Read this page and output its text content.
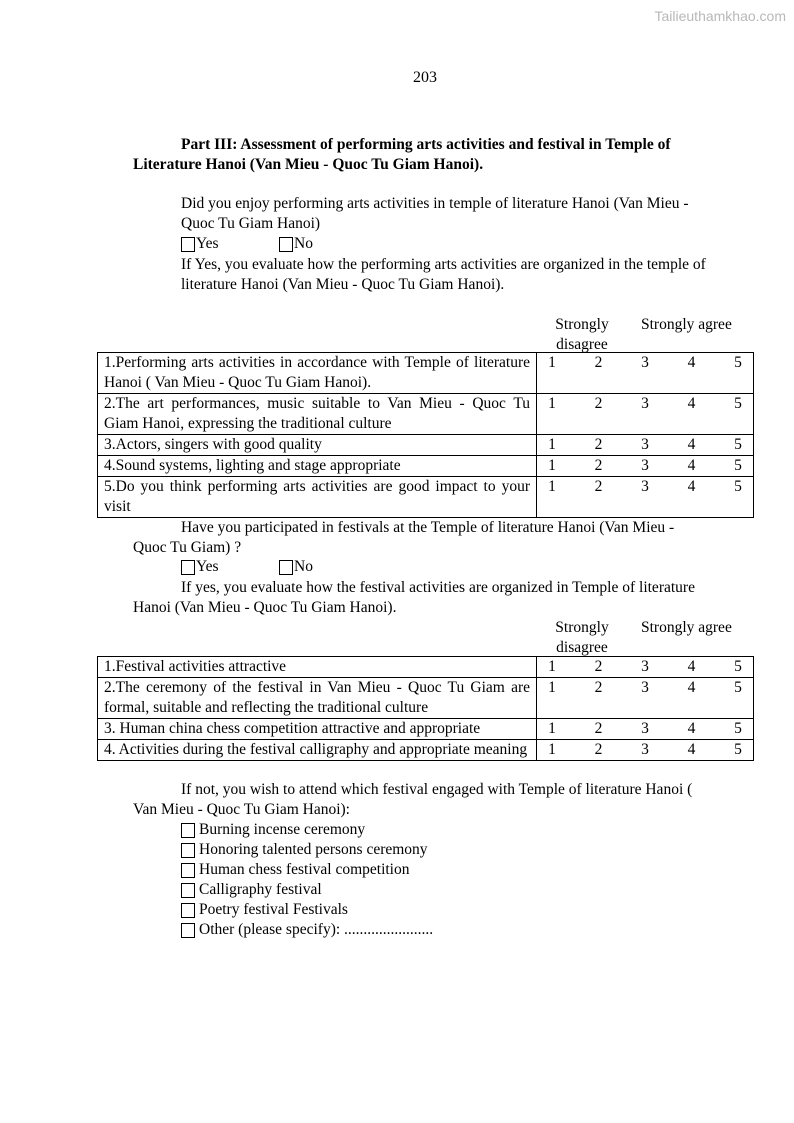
Tailieuthamkhao.com
203
Part III: Assessment of performing arts activities and festival in Temple of
Literature Hanoi (Van Mieu - Quoc Tu Giam Hanoi).
Did you enjoy performing arts activities in temple of literature Hanoi (Van Mieu -
Quoc Tu Giam Hanoi)
Yes	No
If Yes, you evaluate how the performing arts activities are organized in the temple of
literature Hanoi (Van Mieu - Quoc Tu Giam Hanoi).
Strongly disagree
Strongly agree
1.Performing arts activities in accordance with Temple of literature Hanoi ( Van Mieu - Quoc Tu Giam Hanoi).	1 2 3 4 5

2.The art performances, music suitable to Van Mieu - Quoc Tu Giam Hanoi, expressing the traditional culture	1 2 3 4 5

3.Actors, singers with good quality	1 2 3 4 5

4.Sound systems, lighting and stage appropriate	1 2 3 4 5

5.Do you think performing arts activities are good impact to your visit	1 2 3 4 5
Have you participated in festivals at the Temple of literature Hanoi (Van Mieu -
Quoc Tu Giam) ?
Yes	No
If yes, you evaluate how the festival activities are organized in Temple of literature
Hanoi (Van Mieu - Quoc Tu Giam Hanoi).
Strongly disagree
Strongly agree
1.Festival activities attractive	1 2 3 4 5

2.The ceremony of the festival in Van Mieu - Quoc Tu Giam are formal, suitable and reflecting the traditional culture	1 2 3 4 5

3. Human china chess competition attractive and appropriate	1 2 3 4 5

4. Activities during the festival calligraphy and appropriate meaning	1 2 3 4 5
If not, you wish to attend which festival engaged with Temple of literature Hanoi (
Van Mieu - Quoc Tu Giam Hanoi):
Burning incense ceremony
Honoring talented persons ceremony
Human chess festival competition
Calligraphy festival
Poetry festival Festivals
Other (please specify): .......................
